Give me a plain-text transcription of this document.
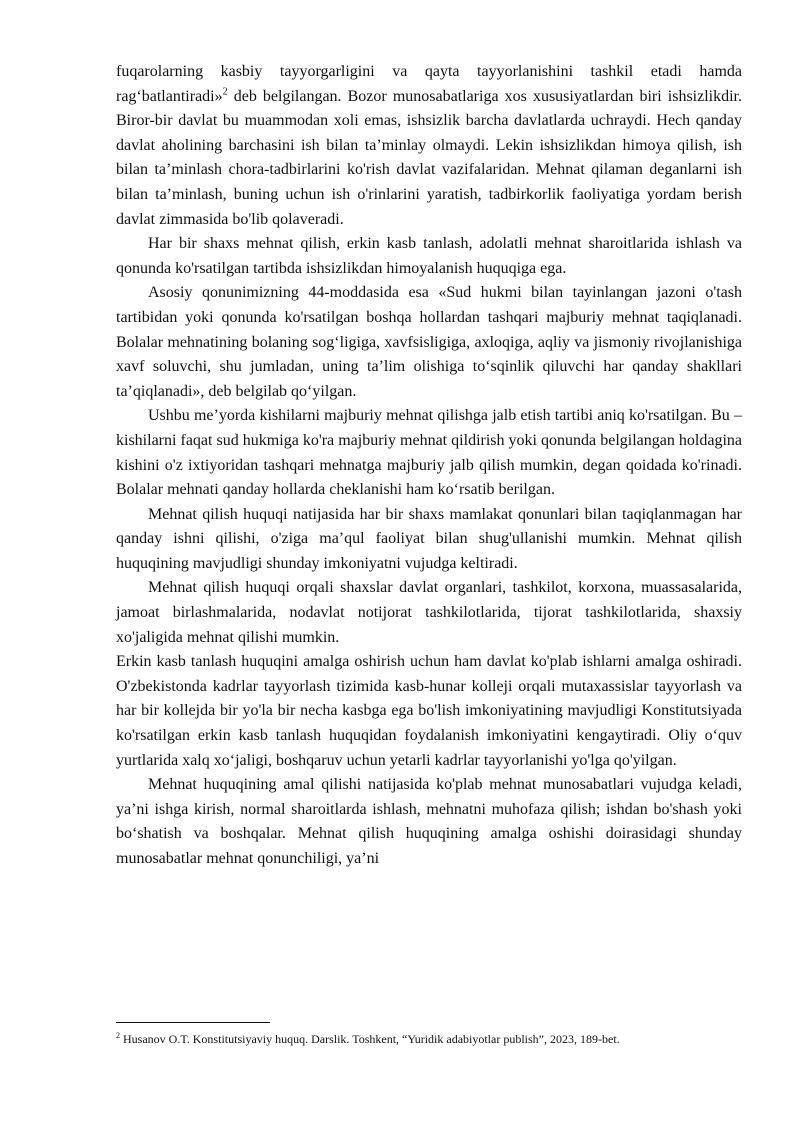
fuqarolarning kasbiy tayyorgarligini va qayta tayyorlanishini tashkil etadi hamda rag‘batlantiradi»$^2$ deb belgilangan. Bozor munosabatlariga xos xususiyatlardan biri ishsizlikdir. Biror-bir davlat bu muammodan xoli emas, ishsizlik barcha davlatlarda uchraydi. Hech qanday davlat aholining barchasini ish bilan ta’minlay olmaydi. Lekin ishsizlikdan himoya qilish, ish bilan ta’minlash chora-tadbirlarini ko'rish davlat vazifalaridan. Mehnat qilaman deganlarni ish bilan ta’minlash, buning uchun ish o'rinlarini yaratish, tadbirkorlik faoliyatiga yordam berish davlat zimmasida bo'lib qolaveradi.

Har bir shaxs mehnat qilish, erkin kasb tanlash, adolatli mehnat sharoitlarida ishlash va qonunda ko'rsatilgan tartibda ishsizlikdan himoyalanish huquqiga ega.

Asosiy qonunimizning 44-moddasida esa «Sud hukmi bilan tayinlangan jazoni o'tash tartibidan yoki qonunda ko'rsatilgan boshqa hollardan tashqari majburiy mehnat taqiqlanadi. Bolalar mehnatining bolaning sog‘ligiga, xavfsisligiga, axloqiga, aqliy va jismoniy rivojlanishiga xavf soluvchi, shu jumladan, uning ta’lim olishiga to‘sqinlik qiluvchi har qanday shakllari ta’qiqlanadi», deb belgilab qo‘yilgan.

Ushbu me’yorda kishilarni majburiy mehnat qilishga jalb etish tartibi aniq ko'rsatilgan. Bu – kishilarni faqat sud hukmiga ko'ra majburiy mehnat qildirish yoki qonunda belgilangan holdagina kishini o'z ixtiyoridan tashqari mehnatga majburiy jalb qilish mumkin, degan qoidada ko'rinadi. Bolalar mehnati qanday hollarda cheklanishi ham ko‘rsatib berilgan.

Mehnat qilish huquqi natijasida har bir shaxs mamlakat qonunlari bilan taqiqlanmagan har qanday ishni qilishi, o'ziga ma’qul faoliyat bilan shug'ullanishi mumkin. Mehnat qilish huquqining mavjudligi shunday imkoniyatni vujudga keltiradi.

Mehnat qilish huquqi orqali shaxslar davlat organlari, tashkilot, korxona, muassasalarida, jamoat birlashmalarida, nodavlat notijorat tashkilotlarida, tijorat tashkilotlarida, shaxsiy xo'jaligida mehnat qilishi mumkin.

Erkin kasb tanlash huquqini amalga oshirish uchun ham davlat ko'plab ishlarni amalga oshiradi. O'zbekistonda kadrlar tayyorlash tizimida kasb-hunar kolleji orqali mutaxassislar tayyorlash va har bir kollejda bir yo'la bir necha kasbga ega bo'lish imkoniyatining mavjudligi Konstitutsiyada ko'rsatilgan erkin kasb tanlash huquqidan foydalanish imkoniyatini kengaytiradi. Oliy o‘quv yurtlarida xalq xo‘jaligi, boshqaruv uchun yetarli kadrlar tayyorlanishi yo'lga qo'yilgan.

Mehnat huquqining amal qilishi natijasida ko'plab mehnat munosabatlari vujudga keladi, ya’ni ishga kirish, normal sharoitlarda ishlash, mehnatni muhofaza qilish; ishdan bo'shash yoki bo‘shatish va boshqalar. Mehnat qilish huquqining amalga oshishi doirasidagi shunday munosabatlar mehnat qonunchiligi, ya’ni

$^2$ Husanov O.T. Konstitutsiyaviy huquq. Darslik. Toshkent, “Yuridik adabiyotlar publish”, 2023, 189-bet.
